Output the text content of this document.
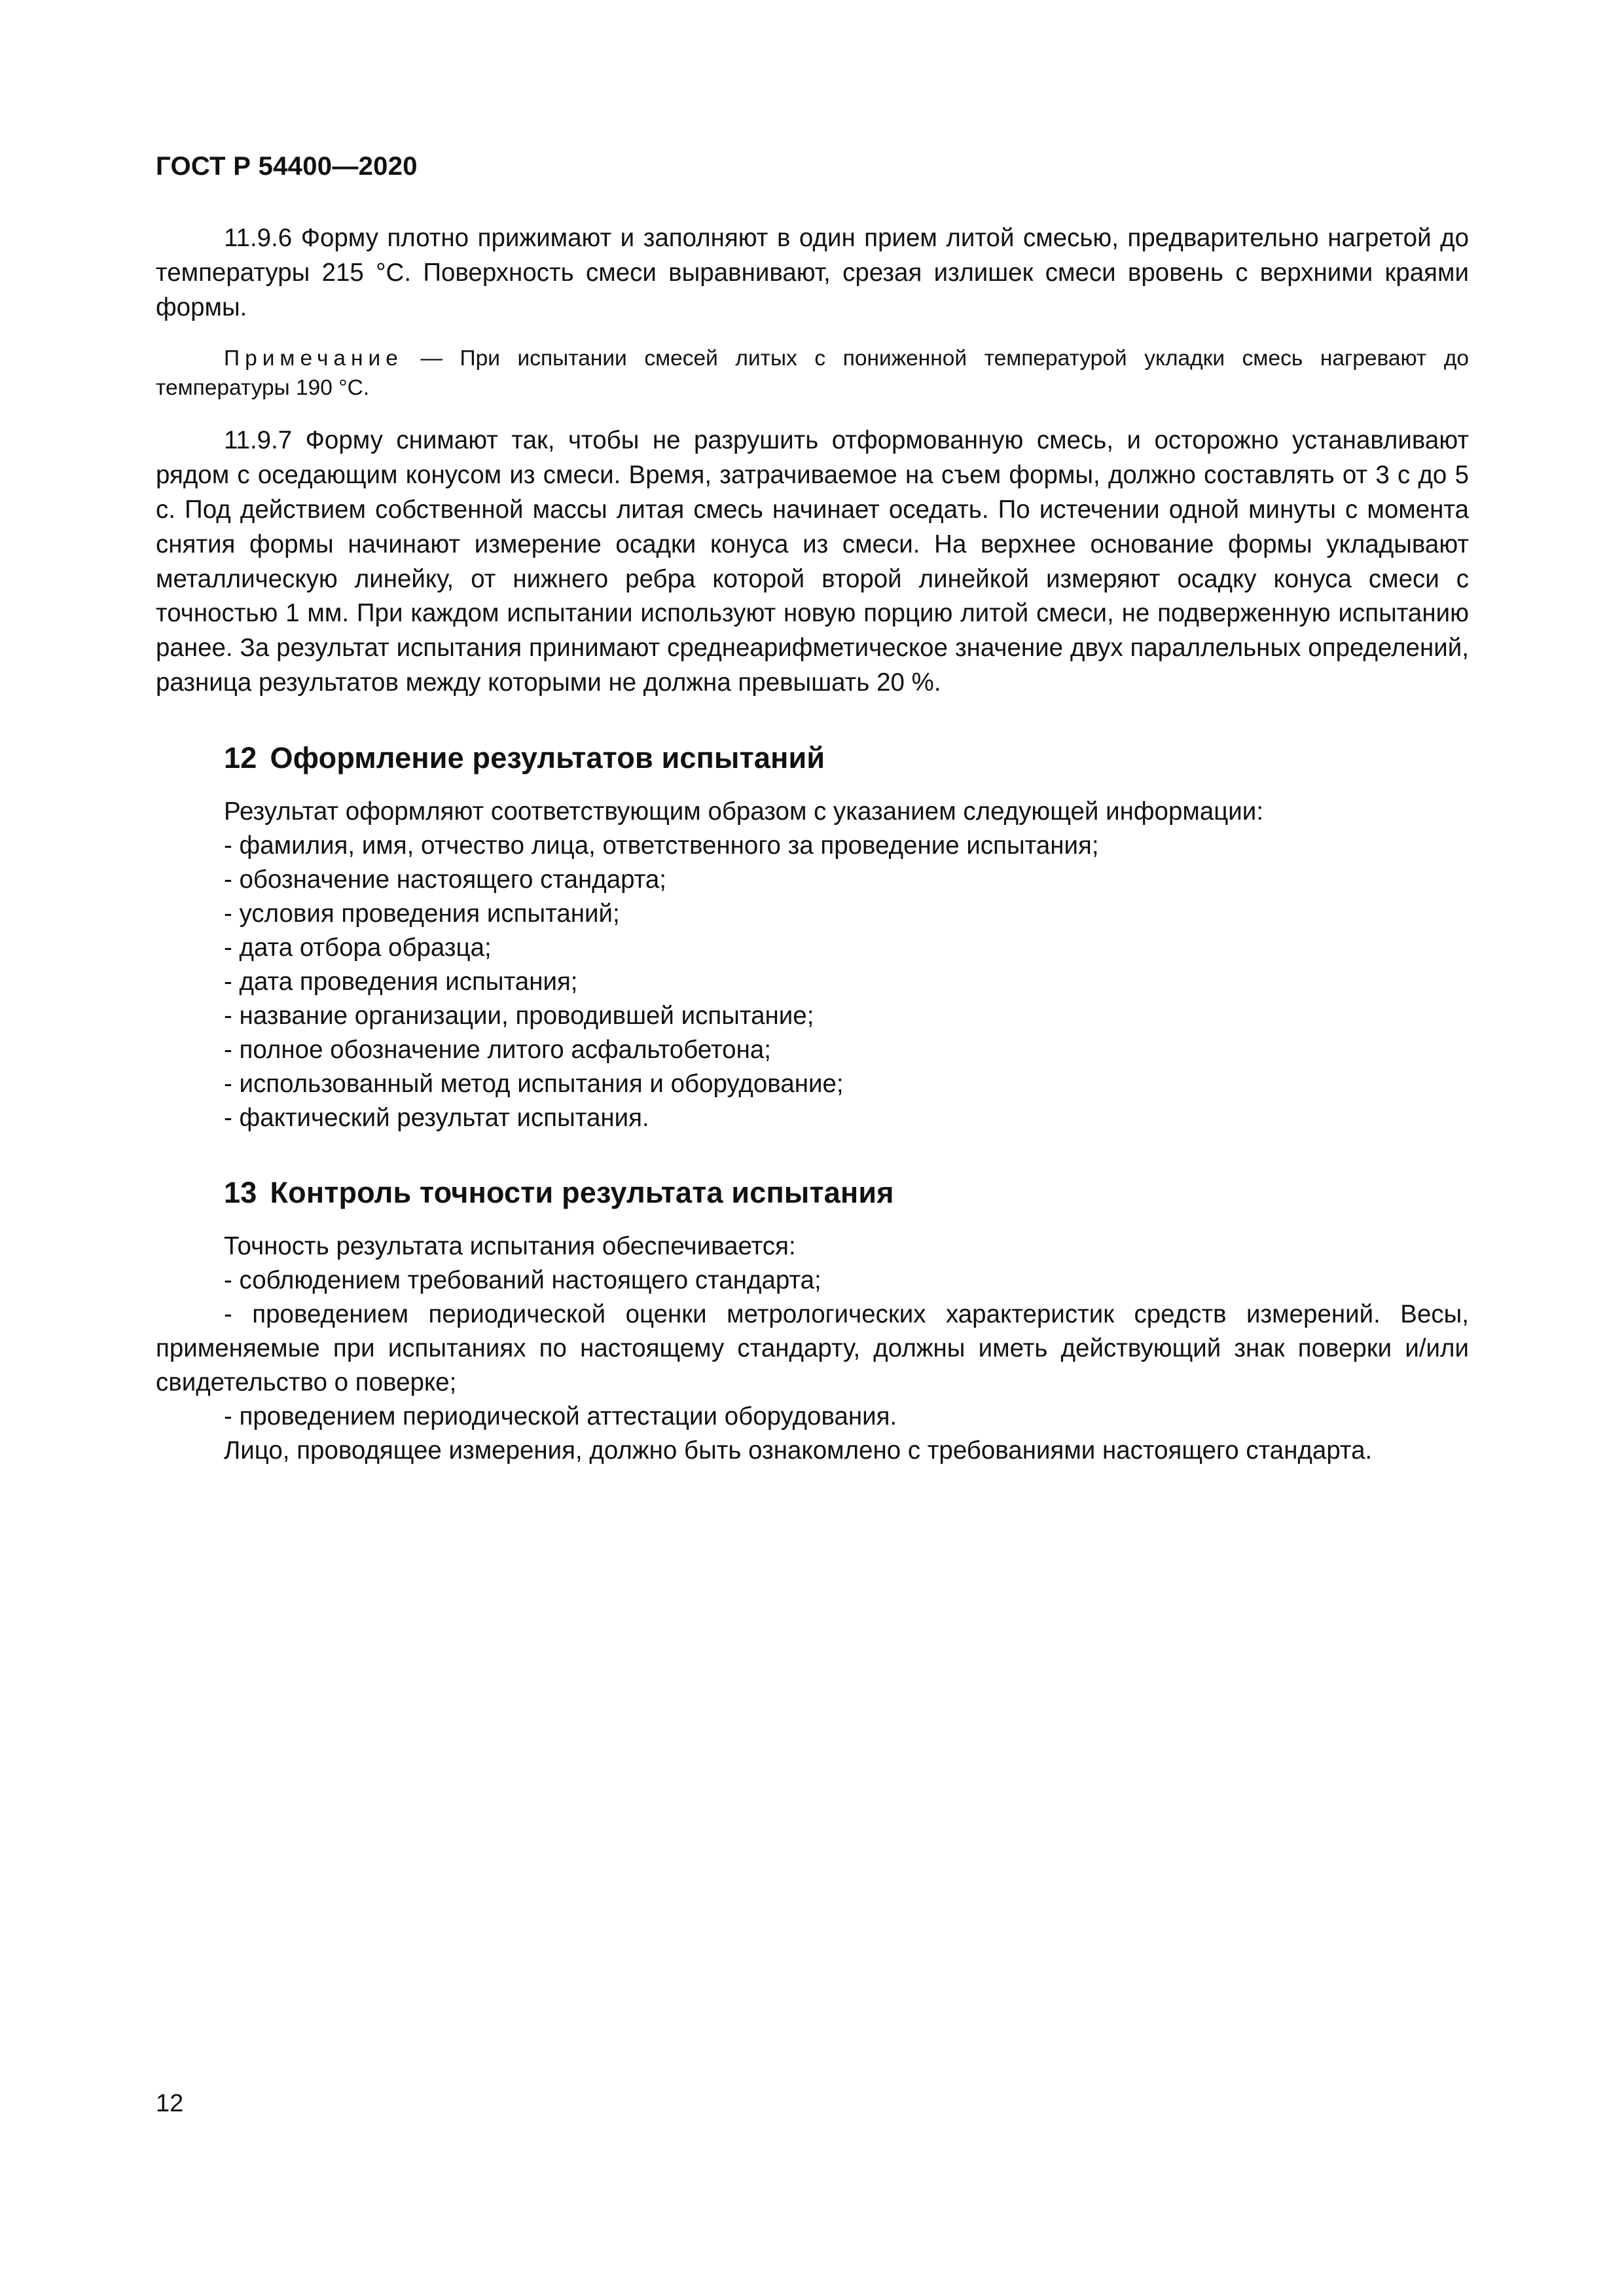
ГОСТ Р 54400—2020

11.9.6 Форму плотно прижимают и заполняют в один прием литой смесью, предварительно нагретой до температуры 215 °С. Поверхность смеси выравнивают, срезая излишек смеси вровень с верхними краями формы.

Примечание — При испытании смесей литых с пониженной температурой укладки смесь нагревают до температуры 190 °С.

11.9.7 Форму снимают так, чтобы не разрушить отформованную смесь, и осторожно устанавливают рядом с оседающим конусом из смеси. Время, затрачиваемое на съем формы, должно составлять от 3 с до 5 с. Под действием собственной массы литая смесь начинает оседать. По истечении одной минуты с момента снятия формы начинают измерение осадки конуса из смеси. На верхнее основание формы укладывают металлическую линейку, от нижнего ребра которой второй линейкой измеряют осадку конуса смеси с точностью 1 мм. При каждом испытании используют новую порцию литой смеси, не подверженную испытанию ранее. За результат испытания принимают среднеарифметическое значение двух параллельных определений, разница результатов между которыми не должна превышать 20 %.

12 Оформление результатов испытаний

Результат оформляют соответствующим образом с указанием следующей информации:

- фамилия, имя, отчество лица, ответственного за проведение испытания;

- обозначение настоящего стандарта;

- условия проведения испытаний;

- дата отбора образца;

- дата проведения испытания;

- название организации, проводившей испытание;

- полное обозначение литого асфальтобетона;

- использованный метод испытания и оборудование;

- фактический результат испытания.

13 Контроль точности результата испытания

Точность результата испытания обеспечивается:

- соблюдением требований настоящего стандарта;

- проведением периодической оценки метрологических характеристик средств измерений. Весы, применяемые при испытаниях по настоящему стандарту, должны иметь действующий знак поверки и/или свидетельство о поверке;

- проведением периодической аттестации оборудования.

Лицо, проводящее измерения, должно быть ознакомлено с требованиями настоящего стандарта.

12
